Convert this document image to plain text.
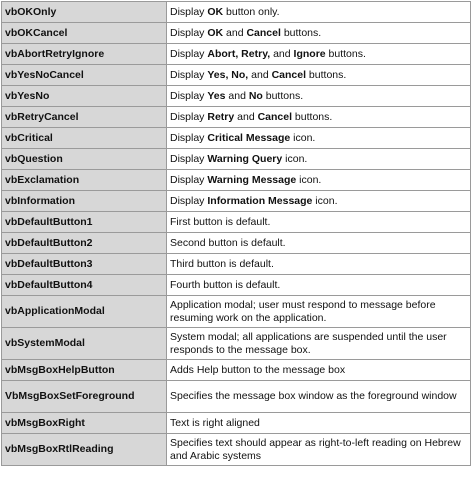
vbOKOnly	Display OK button only.
vbOKCancel	Display OK and Cancel buttons.
vbAbortRetryIgnore	Display Abort, Retry, and Ignore buttons.
vbYesNoCancel	Display Yes, No, and Cancel buttons.
vbYesNo	Display Yes and No buttons.
vbRetryCancel	Display Retry and Cancel buttons.
vbCritical	Display Critical Message icon.
vbQuestion	Display Warning Query icon.
vbExclamation	Display Warning Message icon.
vbInformation	Display Information Message icon.
vbDefaultButton1	First button is default.
vbDefaultButton2	Second button is default.
vbDefaultButton3	Third button is default.
vbDefaultButton4	Fourth button is default.
vbApplicationModal	Application modal; user must respond to message before resuming work on the application.
vbSystemModal	System modal; all applications are suspended until the user responds to the message box.
vbMsgBoxHelpButton	Adds Help button to the message box
VbMsgBoxSetForeground	Specifies the message box window as the foreground window
vbMsgBoxRight	Text is right aligned
vbMsgBoxRtlReading	Specifies text should appear as right-to-left reading on Hebrew and Arabic systems
